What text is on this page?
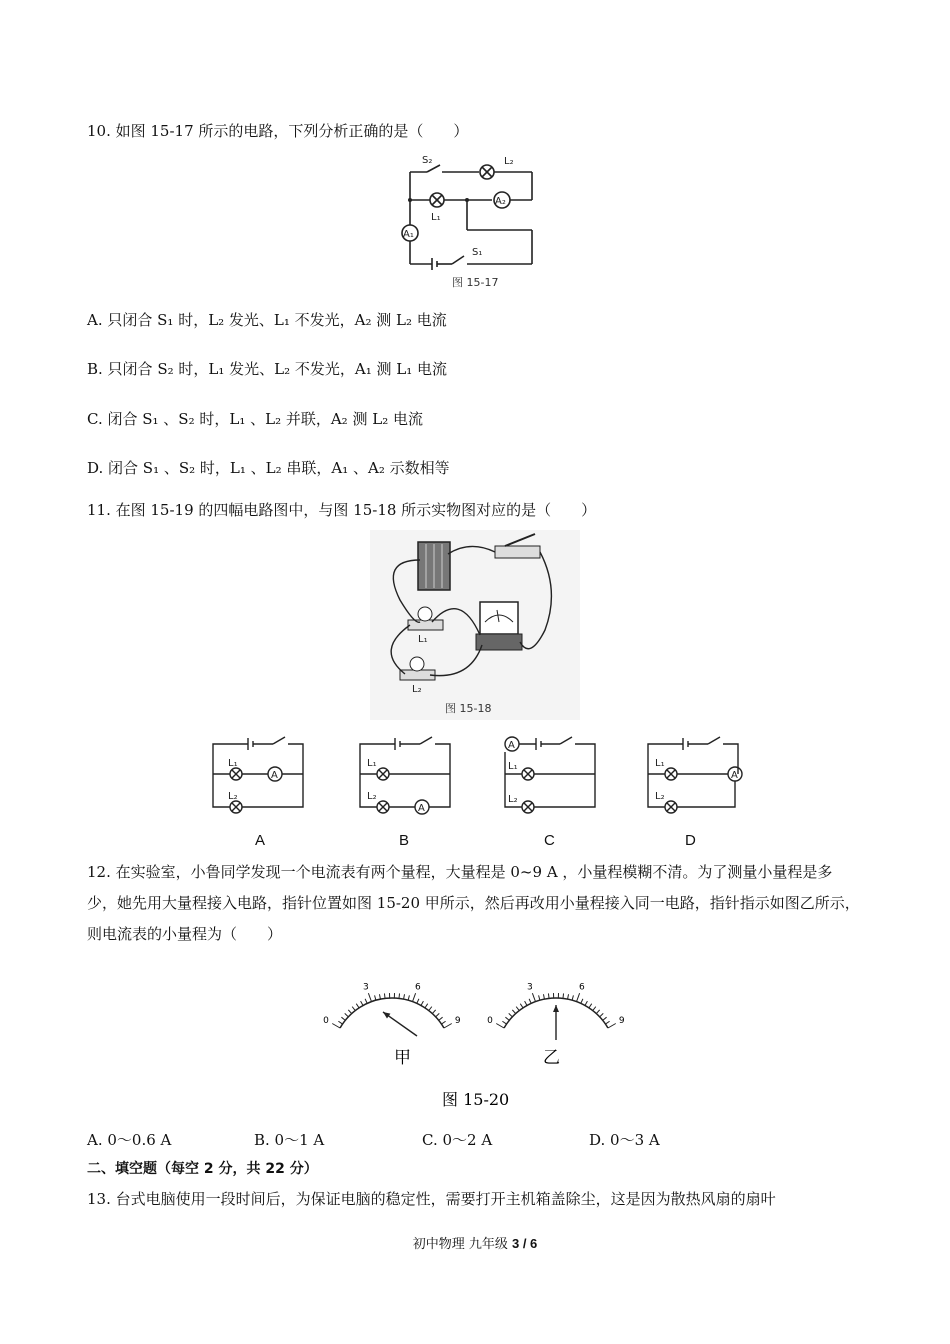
10. 如图 15-17 所示的电路，下列分析正确的是（　　）
S₂	L₂
L₁
A₂
A₁
S₁
图 15-17
A. 只闭合 S₁ 时，L₂ 发光、L₁ 不发光，A₂ 测 L₂ 电流
B. 只闭合 S₂ 时，L₁ 发光、L₂ 不发光，A₁ 测 L₁ 电流
C. 闭合 S₁ 、S₂ 时，L₁ 、L₂ 并联，A₂ 测 L₂ 电流
D. 闭合 S₁ 、S₂ 时，L₁ 、L₂ 串联，A₁ 、A₂ 示数相等
11. 在图 15-19 的四幅电路图中，与图 15-18 所示实物图对应的是（　　）
L₁
L₂
图 15-18
L₁
L₂
A
L₁
L₂
A
A
L₁
L₂
L₁
L₂
A
A	B	C	D
12. 在实验室，小鲁同学发现一个电流表有两个量程，大量程是 0~9 A ，小量程模糊不清。为了测量小量程是多少，她先用大量程接入电路，指针位置如图 15-20 甲所示，然后再改用小量程接入同一电路，指针指示如图乙所示，则电流表的小量程为（　　）
0
3	6
9	0
3	6
9
甲	乙
图 15-20
A. 0～0.6 A	B. 0～1 A	C. 0～2 A	D. 0～3 A
二、填空题（每空 2 分，共 22 分）
13. 台式电脑使用一段时间后，为保证电脑的稳定性，需要打开主机箱盖除尘，这是因为散热风扇的扇叶
初中物理 九年级 3 / 6
